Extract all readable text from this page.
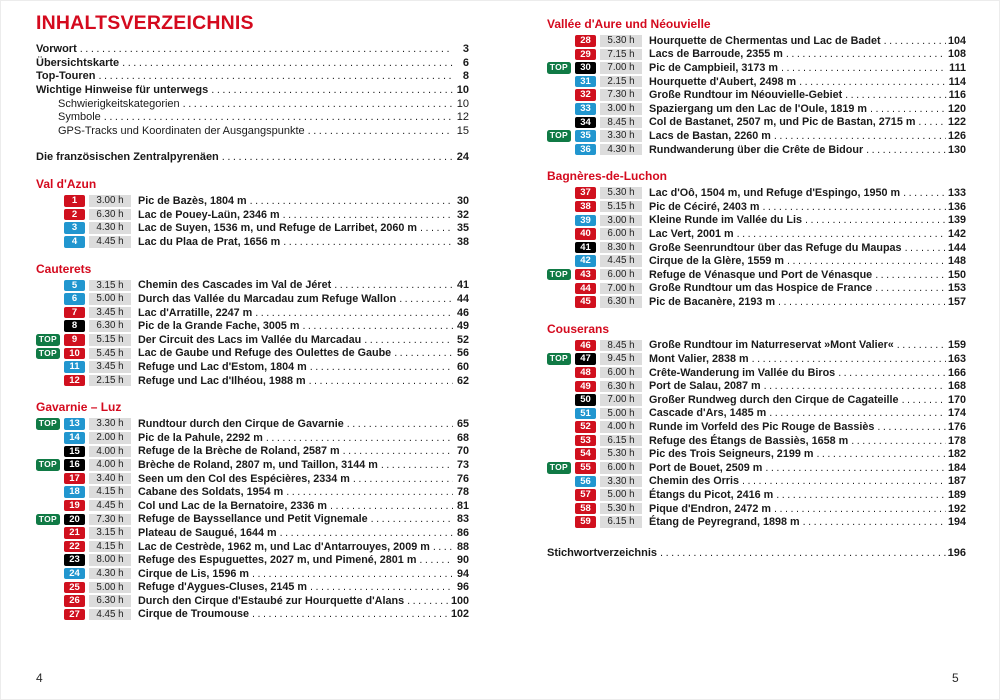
INHALTSVERZEICHNIS
Vorwort .....	3
Übersichtskarte .....	6
Top-Touren .....	8
Wichtige Hinweise für unterwegs .....	10
Schwierigkeitskategorien .....	10
Symbole .....	12
GPS-Tracks und Koordinaten der Ausgangspunkte .....	15
Die französischen Zentralpyrenäen .....	24
Val d'Azun
1	3.00 h	Pic de Bazès, 1804 m .....	30
2	6.30 h	Lac de Pouey-Laün, 2346 m .....	32
3	4.30 h	Lac de Suyen, 1536 m, und Refuge de Larribet, 2060 m .....	35
4	4.45 h	Lac du Plaa de Prat, 1656 m .....	38
Cauterets
5	3.15 h	Chemin des Cascades im Val de Jéret .....	41
6	5.00 h	Durch das Vallée du Marcadau zum Refuge Wallon .....	44
7	3.45 h	Lac d'Arratille, 2247 m .....	46
8	6.30 h	Pic de la Grande Fache, 3005 m .....	49
TOP	9	5.15 h	Der Circuit des Lacs im Vallée du Marcadau .....	52
TOP	10	5.45 h	Lac de Gaube und Refuge des Oulettes de Gaube .....	56
11	3.45 h	Refuge und Lac d'Estom, 1804 m .....	60
12	2.15 h	Refuge und Lac d'Ilhéou, 1988 m .....	62
Gavarnie – Luz
TOP	13	3.30 h	Rundtour durch den Cirque de Gavarnie .....	65
14	2.00 h	Pic de la Pahule, 2292 m .....	68
15	4.00 h	Refuge de la Brèche de Roland, 2587 m .....	70
TOP	16	4.00 h	Brèche de Roland, 2807 m, und Taillon, 3144 m .....	73
17	3.40 h	Seen um den Col des Espécières, 2334 m .....	76
18	4.15 h	Cabane des Soldats, 1954 m .....	78
19	4.45 h	Col und Lac de la Bernatoire, 2336 m .....	81
TOP	20	7.30 h	Refuge de Bayssellance und Petit Vignemale .....	83
21	3.15 h	Plateau de Saugué, 1644 m .....	86
22	4.15 h	Lac de Cestrède, 1962 m, und Lac d'Antarrouyes, 2009 m .....	88
23	8.00 h	Refuge des Espuguettes, 2027 m, und Pimené, 2801 m .....	90
24	4.30 h	Cirque de Lis, 1596 m .....	94
25	5.00 h	Refuge d'Aygues-Cluses, 2145 m .....	96
26	6.30 h	Durch den Cirque d'Estaubé zur Hourquette d'Alans .....	100
27	4.45 h	Cirque de Troumouse .....	102
Vallée d'Aure und Néouvielle
28	5.30 h	Hourquette de Chermentas und Lac de Badet .....	104
29	7.15 h	Lacs de Barroude, 2355 m .....	108
TOP	30	7.00 h	Pic de Campbieil, 3173 m .....	111
31	2.15 h	Hourquette d'Aubert, 2498 m .....	114
32	7.30 h	Große Rundtour im Néouvielle-Gebiet .....	116
33	3.00 h	Spaziergang um den Lac de l'Oule, 1819 m .....	120
34	8.45 h	Col de Bastanet, 2507 m, und Pic de Bastan, 2715 m .....	122
TOP	35	3.30 h	Lacs de Bastan, 2260 m .....	126
36	4.30 h	Rundwanderung über die Crête de Bidour .....	130
Bagnères-de-Luchon
37	5.30 h	Lac d'Oô, 1504 m, und Refuge d'Espingo, 1950 m .....	133
38	5.15 h	Pic de Céciré, 2403 m .....	136
39	3.00 h	Kleine Runde im Vallée du Lis .....	139
40	6.00 h	Lac Vert, 2001 m .....	142
41	8.30 h	Große Seenrundtour über das Refuge du Maupas .....	144
42	4.45 h	Cirque de la Glère, 1559 m .....	148
TOP	43	6.00 h	Refuge de Vénasque und Port de Vénasque .....	150
44	7.00 h	Große Rundtour um das Hospice de France .....	153
45	6.30 h	Pic de Bacanère, 2193 m .....	157
Couserans
46	8.45 h	Große Rundtour im Naturreservat »Mont Valier« .....	159
TOP	47	9.45 h	Mont Valier, 2838 m .....	163
48	6.00 h	Crête-Wanderung im Vallée du Biros .....	166
49	6.30 h	Port de Salau, 2087 m .....	168
50	7.00 h	Großer Rundweg durch den Cirque de Cagateille .....	170
51	5.00 h	Cascade d'Ars, 1485 m .....	174
52	4.00 h	Runde im Vorfeld des Pic Rouge de Bassiès .....	176
53	6.15 h	Refuge des Étangs de Bassiès, 1658 m .....	178
54	5.30 h	Pic des Trois Seigneurs, 2199 m .....	182
TOP	55	6.00 h	Port de Bouet, 2509 m .....	184
56	3.30 h	Chemin des Orris .....	187
57	5.00 h	Étangs du Picot, 2416 m .....	189
58	5.30 h	Pique d'Endron, 2472 m .....	192
59	6.15 h	Étang de Peyregrand, 1898 m .....	194
Stichwortverzeichnis .....	196
4	5
